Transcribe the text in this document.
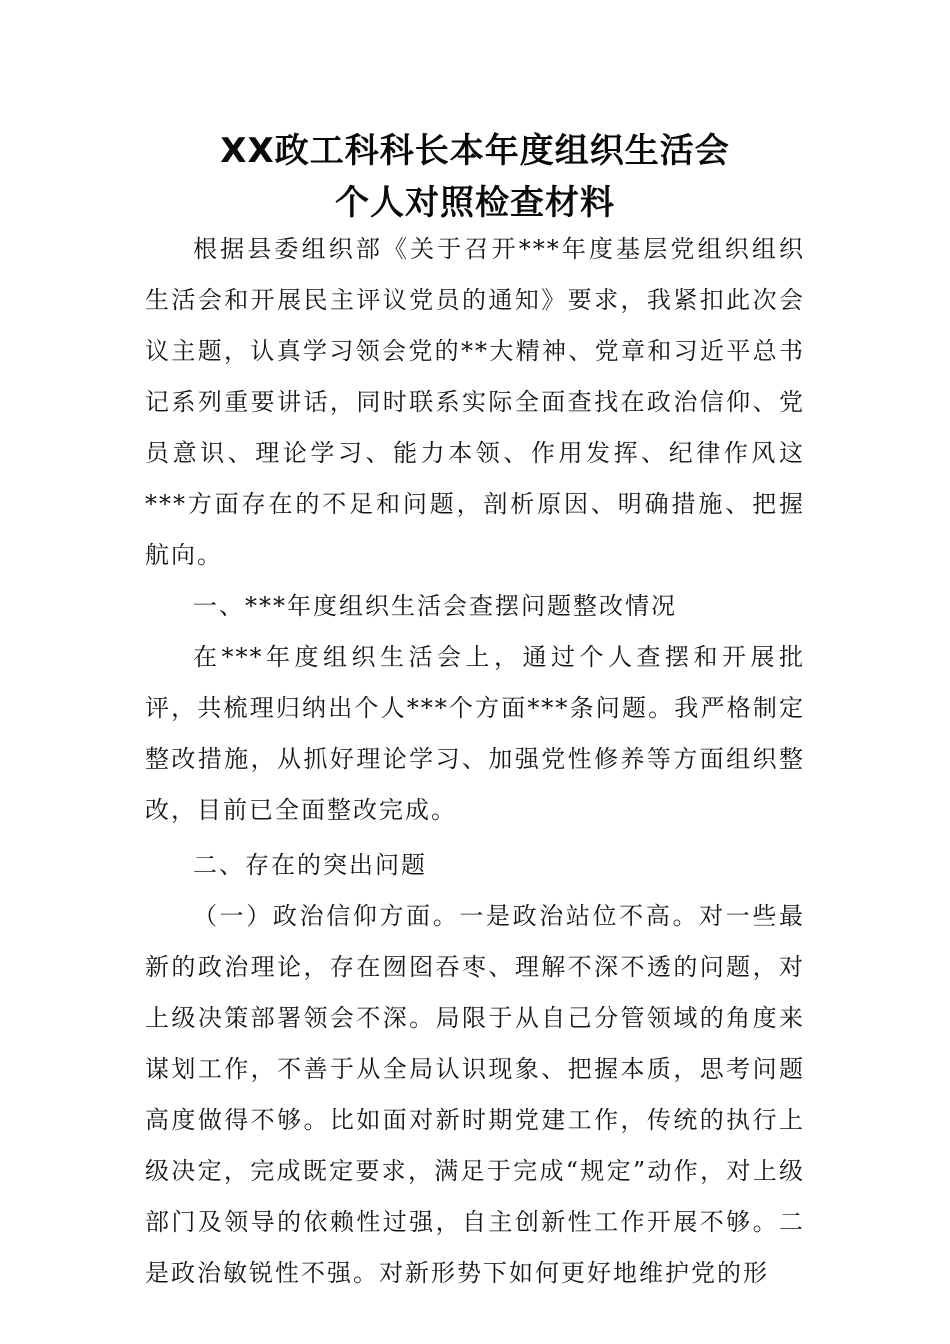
XX政工科科长本年度组织生活会
个人对照检查材料

根据县委组织部《关于召开***年度基层党组织组织生活会和开展民主评议党员的通知》要求，我紧扣此次会议主题，认真学习领会党的**大精神、党章和习近平总书记系列重要讲话，同时联系实际全面查找在政治信仰、党员意识、理论学习、能力本领、作用发挥、纪律作风这***方面存在的不足和问题，剖析原因、明确措施、把握航向。

一、***年度组织生活会查摆问题整改情况

在***年度组织生活会上，通过个人查摆和开展批评，共梳理归纳出个人***个方面***条问题。我严格制定整改措施，从抓好理论学习、加强党性修养等方面组织整改，目前已全面整改完成。

二、存在的突出问题

（一）政治信仰方面。一是政治站位不高。对一些最新的政治理论，存在囫囵吞枣、理解不深不透的问题，对上级决策部署领会不深。局限于从自己分管领域的角度来谋划工作，不善于从全局认识现象、把握本质，思考问题高度做得不够。比如面对新时期党建工作，传统的执行上级决定，完成既定要求，满足于完成“规定”动作，对上级部门及领导的依赖性过强，自主创新性工作开展不够。二是政治敏锐性不强。对新形势下如何更好地维护党的形
